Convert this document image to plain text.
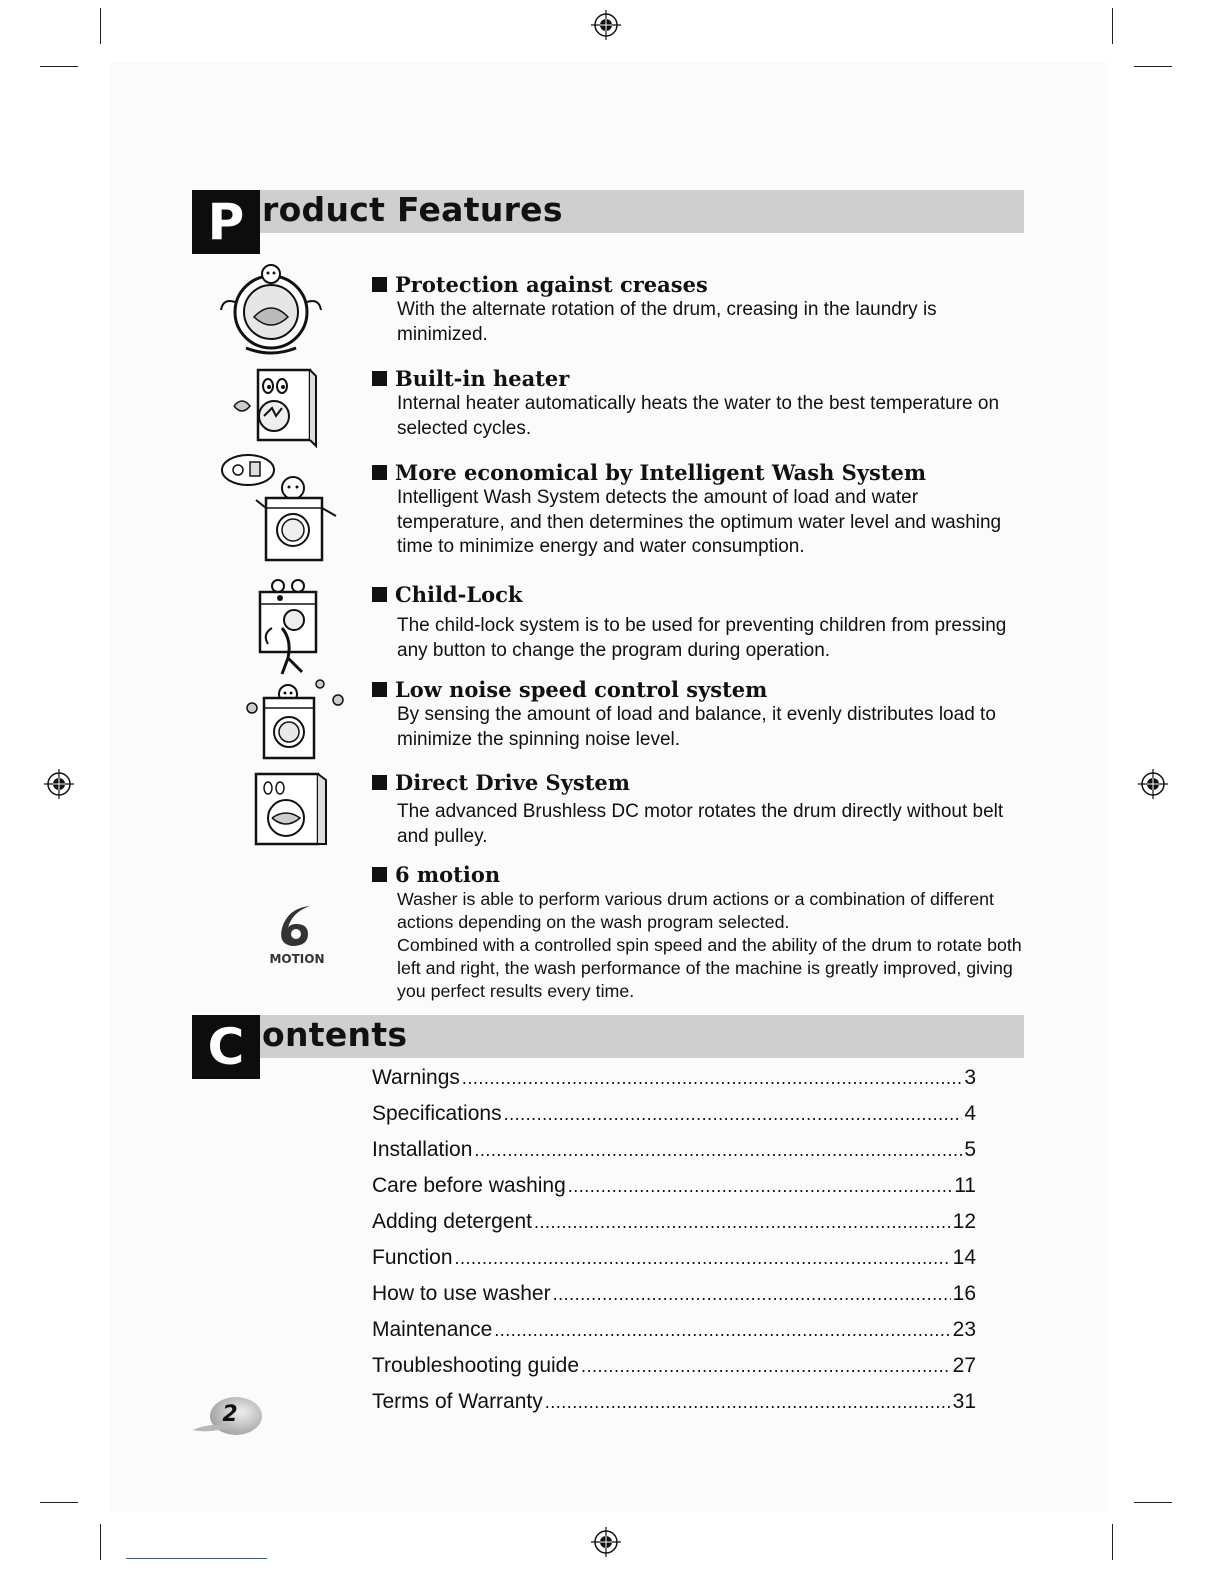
P roduct Features
MOTION
Protection against creases
With the alternate rotation of the drum, creasing in the laundry is minimized.
Built-in heater
Internal heater automatically heats the water to the best temperature on selected cycles.
More economical by Intelligent Wash System
Intelligent Wash System detects the amount of load and water temperature, and then determines the optimum water level and washing time to minimize energy and water consumption.
Child-Lock
The child-lock system is to be used for preventing children from pressing any button to change the program during operation.
Low noise speed control system
By sensing the amount of load and balance, it evenly distributes load to minimize the spinning noise level.
Direct Drive System
The advanced Brushless DC motor rotates the drum directly without belt and pulley.
6 motion
Washer is able to perform various drum actions or a combination of different actions depending on the wash program selected.
Combined with a controlled spin speed and the ability of the drum to rotate both left and right, the wash performance of the machine is greatly improved, giving you perfect results every time.
C ontents
Warnings .....	3
Specifications .....	4
Installation .....	5
Care before washing .....	11
Adding detergent .....	12
Function .....	14
How to use washer .....	16
Maintenance .....	23
Troubleshooting guide .....	27
Terms of Warranty .....	31
2
